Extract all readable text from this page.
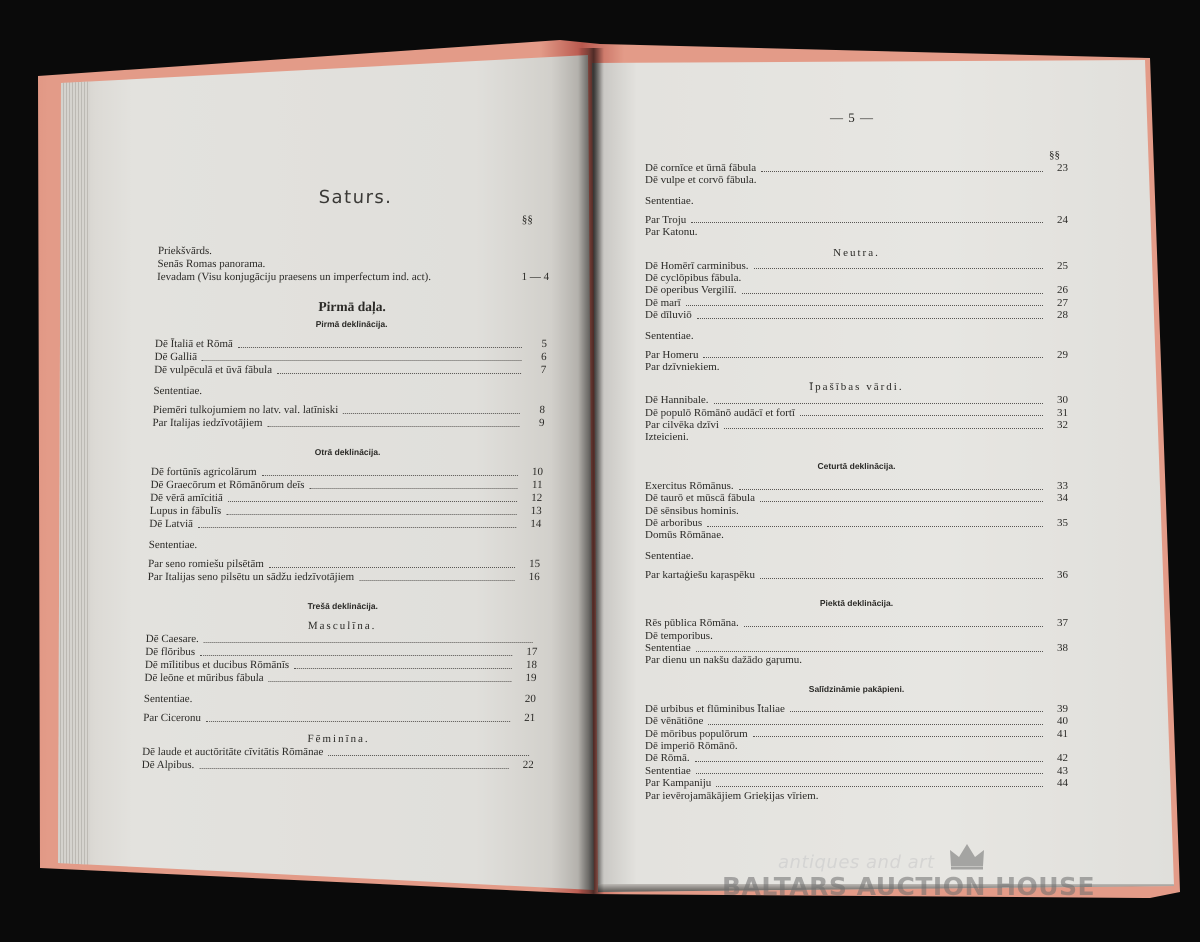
Saturs.
§§
Priekšvārds.
Senās Romas panorama.
Ievadam (Visu konjugāciju praesens un imperfectum ind. act).	1 — 4
Pirmā daļa.
Pirmā deklinācija.
Dē Ītaliā et Rōmā	5
Dē Galliā	6
Dē vulpēculā et ūvā fābula	7
Sententiae.
Piemēri tulkojumiem no latv. val. latīniski	8
Par Italijas iedzīvotājiem	9
Otrā deklinācija.
Dē fortūnīs agricolārum	10
Dē Graecōrum et Rōmānōrum deīs	11
Dē vērā amīcitiā	12
Lupus in fābulīs	13
Dē Latviā	14
Sententiae.
Par seno romiešu pilsētām	15
Par Italijas seno pilsētu un sādžu iedzīvotājiem	16
Trešā deklinācija.
Masculīna.
Dē Caesare.
Dē flōribus	17
Dē mīlitibus et ducibus Rōmānīs	18
Dē leōne et mūribus fābula	19
Sententiae.	20
Par Ciceronu	21
Fēminīna.
Dē laude et auctōritāte cīvitātis Rōmānae
Dē Alpibus.	22
— 5 —
§§
Dē cornīce et ūrnā fābula	23
Dē vulpe et corvō fābula.
Sententiae.
Par Troju	24
Par Katonu.
Neutra.
Dē Homērī carminibus.	25
Dē cyclōpibus fābula.
Dē operibus Vergiliī.	26
Dē marī	27
Dē dīluviō	28
Sententiae.
Par Homeru	29
Par dzīvniekiem.
Īpašības vārdi.
Dē Hannibale.	30
Dē populō Rōmānō audācī et fortī	31
Par cilvēka dzīvi	32
Izteicieni.
Ceturtā deklinācija.
Exercitus Rōmānus.	33
Dē taurō et mūscā fābula	34
Dē sēnsibus hominis.
Dē arboribus	35
Domūs Rōmānae.
Sententiae.
Par kartaģiešu kaŗaspēku	36
Piektā deklinācija.
Rēs pūblica Rōmāna.	37
Dē temporibus.
Sententiae	38
Par dienu un nakšu dažādo gaŗumu.
Salīdzināmie pakāpieni.
Dē urbibus et flūminibus Ītaliae	39
Dē vēnātiōne	40
Dē mōribus populōrum	41
Dē imperiō Rōmānō.
Dē Rōmā.	42
Sententiae	43
Par Kampaniju	44
Par ievērojamākājiem Grieķijas vīriem.
antiques and art
BALTARS AUCTION HOUSE
